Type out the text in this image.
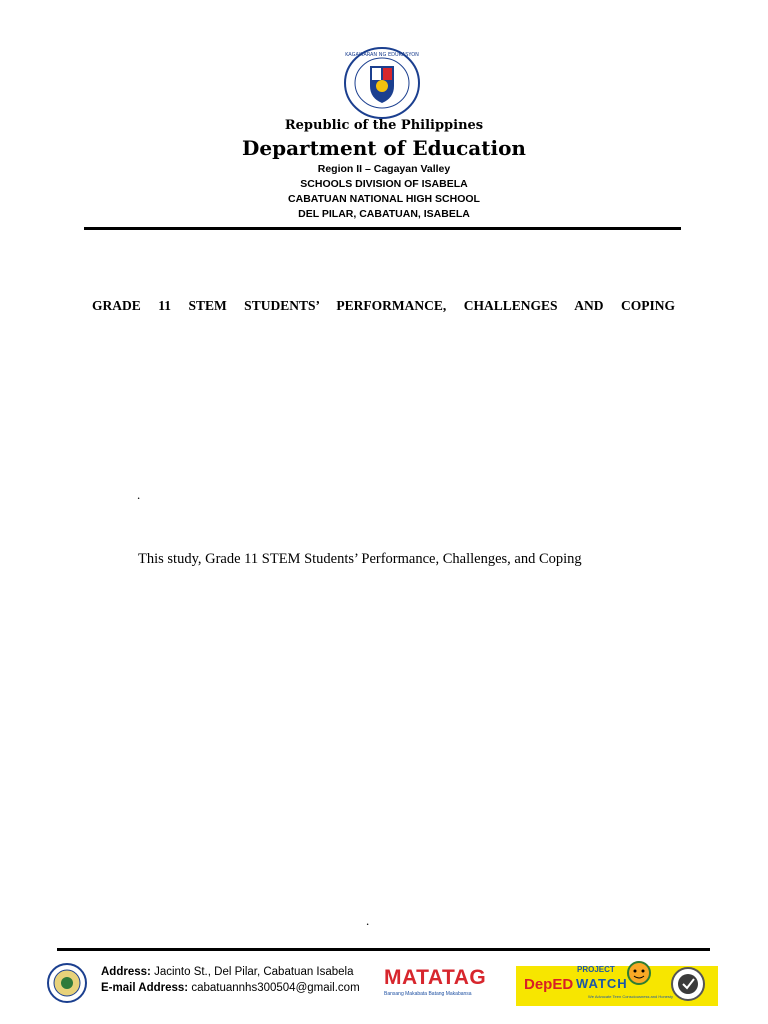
KAGAWARAN NG EDUKASYON
Republic of the Philippines
Department of Education
Region II – Cagayan Valley
SCHOOLS DIVISION OF ISABELA
CABATUAN NATIONAL HIGH SCHOOL
DEL PILAR, CABATUAN, ISABELA
GRADE 11 STEM STUDENTS’ PERFORMANCE, CHALLENGES AND COPING
.
This study, Grade 11 STEM Students’ Performance, Challenges, and Coping
.
Address: Jacinto St., Del Pilar, Cabatuan Isabela
E-mail Address: cabatuannhs300504@gmail.com MATATAG
Bansang Makabata Batang Makabansa
DepED
PROJECT
WATCH
We Advocate Teen Consciousness and Honesty
